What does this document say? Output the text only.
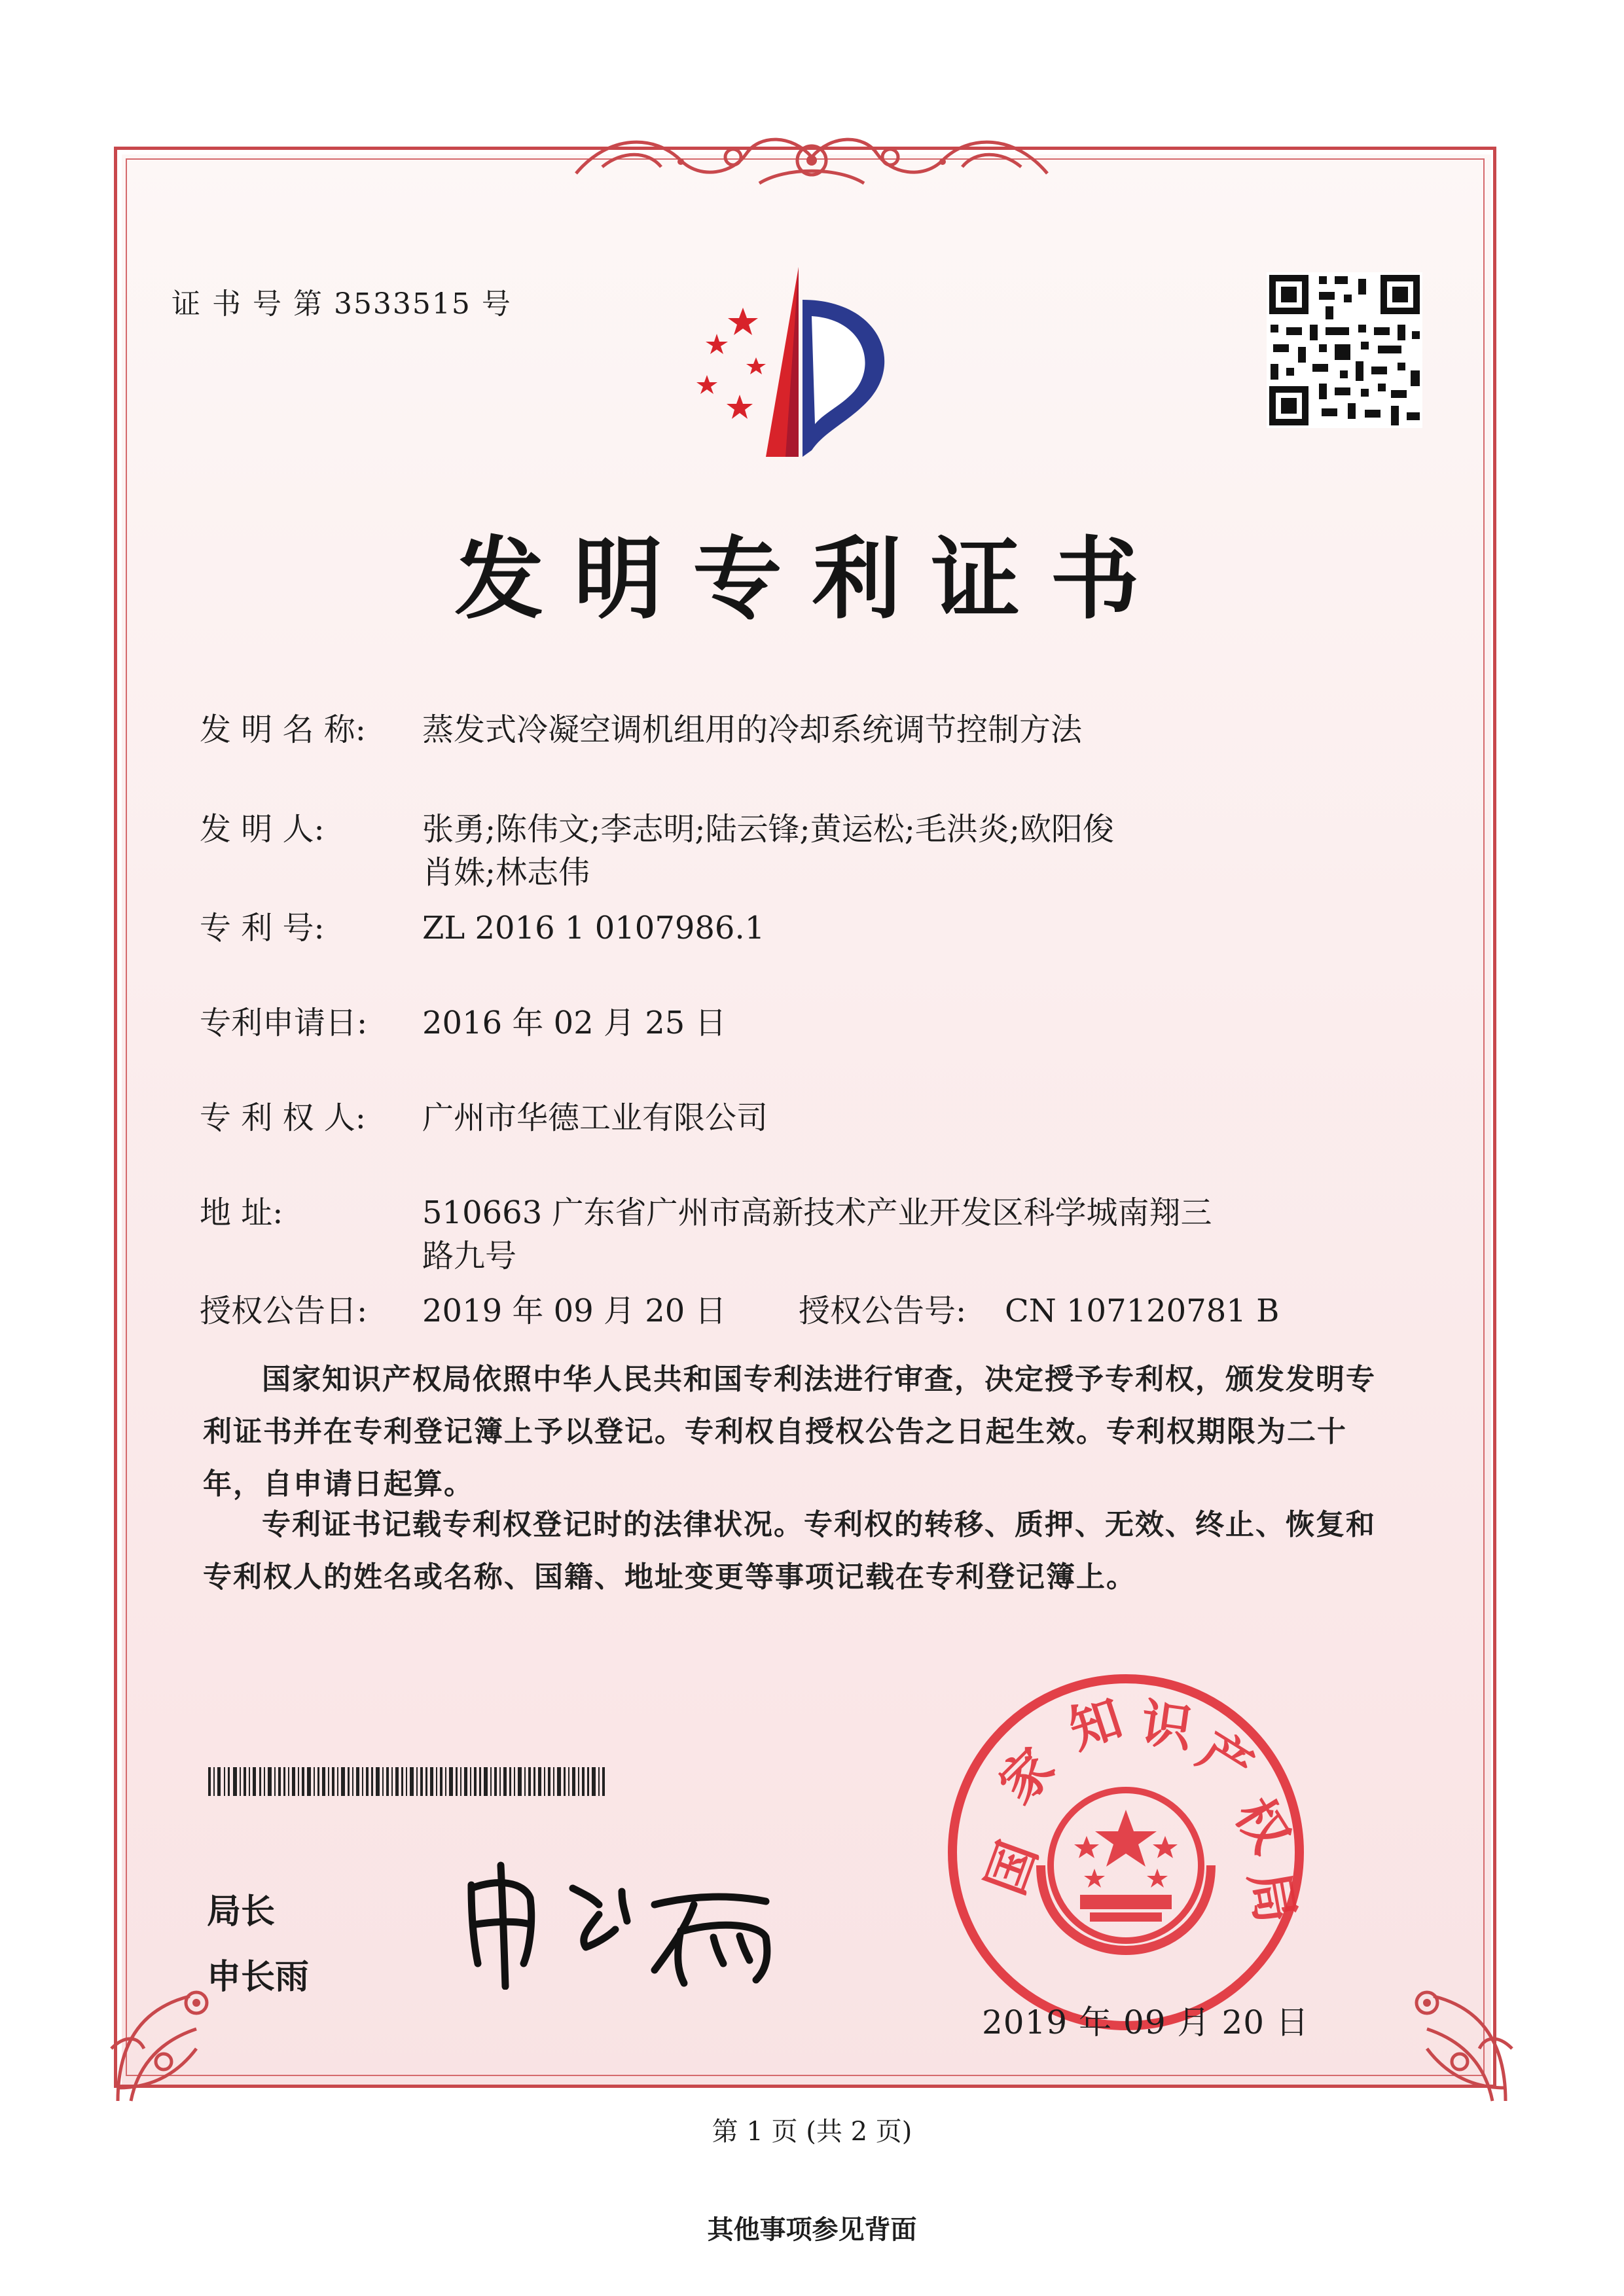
证 书 号 第 3533515 号
发明专利证书
发 明 名 称:	蒸发式冷凝空调机组用的冷却系统调节控制方法
发 明 人:	张勇;陈伟文;李志明;陆云锋;黄运松;毛洪炎;欧阳俊
肖姝;林志伟
专 利 号:	ZL 2016 1 0107986.1
专利申请日:	2016 年 02 月 25 日
专 利 权 人:	广州市华德工业有限公司
地 址:	510663 广东省广州市高新技术产业开发区科学城南翔三
路九号
授权公告日:	2019 年 09 月 20 日 授权公告号:	CN 107120781 B
国家知识产权局依照中华人民共和国专利法进行审查，决定授予专利权，颁发发明专利证书并在专利登记簿上予以登记。专利权自授权公告之日起生效。专利权期限为二十年，自申请日起算。
专利证书记载专利权登记时的法律状况。专利权的转移、质押、无效、终止、恢复和专利权人的姓名或名称、国籍、地址变更等事项记载在专利登记簿上。
局长
申长雨
国
家
知 识
产
权
局
2019 年 09 月 20 日
第 1 页 (共 2 页)
其他事项参见背面
